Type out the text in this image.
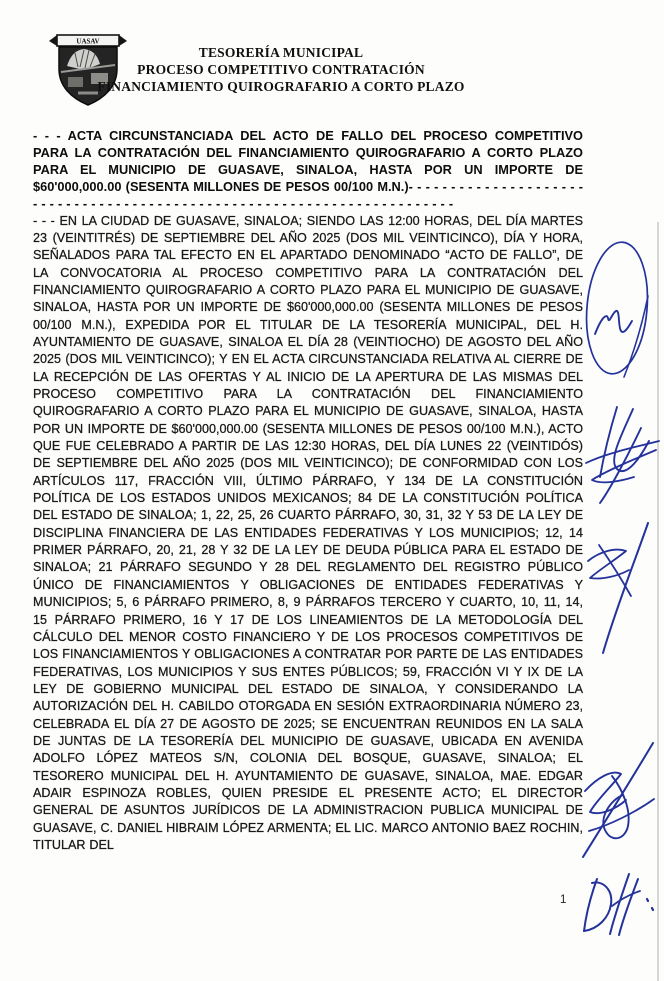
UASAV
TESORERÍA MUNICIPAL
PROCESO COMPETITIVO CONTRATACIÓN
FINANCIAMIENTO QUIROGRAFARIO A CORTO PLAZO

- - - ACTA CIRCUNSTANCIADA DEL ACTO DE FALLO DEL PROCESO COMPETITIVO PARA LA CONTRATACIÓN DEL FINANCIAMIENTO QUIROGRAFARIO A CORTO PLAZO PARA EL MUNICIPIO DE GUASAVE, SINALOA, HASTA POR UN IMPORTE DE $60'000,000.00 (SESENTA MILLONES DE PESOS 00/100 M.N.)- - - - - - - - - - - - - - - - - - - - - - - - - - - - - - - - - - - - - - - - - - - - - - - - - - - - - - - - - - - - - - - - - - - - - - - -

- - - EN LA CIUDAD DE GUASAVE, SINALOA; SIENDO LAS 12:00 HORAS, DEL DÍA MARTES 23 (VEINTITRÉS) DE SEPTIEMBRE DEL AÑO 2025 (DOS MIL VEINTICINCO), DÍA Y HORA, SEÑALADOS PARA TAL EFECTO EN EL APARTADO DENOMINADO “ACTO DE FALLO”, DE LA CONVOCATORIA AL PROCESO COMPETITIVO PARA LA CONTRATACIÓN DEL FINANCIAMIENTO QUIROGRAFARIO A CORTO PLAZO PARA EL MUNICIPIO DE GUASAVE, SINALOA, HASTA POR UN IMPORTE DE $60'000,000.00 (SESENTA MILLONES DE PESOS 00/100 M.N.), EXPEDIDA POR EL TITULAR DE LA TESORERÍA MUNICIPAL, DEL H. AYUNTAMIENTO DE GUASAVE, SINALOA EL DÍA 28 (VEINTIOCHO) DE AGOSTO DEL AÑO 2025 (DOS MIL VEINTICINCO); Y EN EL ACTA CIRCUNSTANCIADA RELATIVA AL CIERRE DE LA RECEPCIÓN DE LAS OFERTAS Y AL INICIO DE LA APERTURA DE LAS MISMAS DEL PROCESO COMPETITIVO PARA LA CONTRATACIÓN DEL FINANCIAMIENTO QUIROGRAFARIO A CORTO PLAZO PARA EL MUNICIPIO DE GUASAVE, SINALOA, HASTA POR UN IMPORTE DE $60'000,000.00 (SESENTA MILLONES DE PESOS 00/100 M.N.), ACTO QUE FUE CELEBRADO A PARTIR DE LAS 12:30 HORAS, DEL DÍA LUNES 22 (VEINTIDÓS) DE SEPTIEMBRE DEL AÑO 2025 (DOS MIL VEINTICINCO); DE CONFORMIDAD CON LOS ARTÍCULOS 117, FRACCIÓN VIII, ÚLTIMO PÁRRAFO, Y 134 DE LA CONSTITUCIÓN POLÍTICA DE LOS ESTADOS UNIDOS MEXICANOS; 84 DE LA CONSTITUCIÓN POLÍTICA DEL ESTADO DE SINALOA; 1, 22, 25, 26 CUARTO PÁRRAFO, 30, 31, 32 Y 53 DE LA LEY DE DISCIPLINA FINANCIERA DE LAS ENTIDADES FEDERATIVAS Y LOS MUNICIPIOS; 12, 14 PRIMER PÁRRAFO, 20, 21, 28 Y 32 DE LA LEY DE DEUDA PÚBLICA PARA EL ESTADO DE SINALOA; 21 PÁRRAFO SEGUNDO Y 28 DEL REGLAMENTO DEL REGISTRO PÚBLICO ÚNICO DE FINANCIAMIENTOS Y OBLIGACIONES DE ENTIDADES FEDERATIVAS Y MUNICIPIOS; 5, 6 PÁRRAFO PRIMERO, 8, 9 PÁRRAFOS TERCERO Y CUARTO, 10, 11, 14, 15 PÁRRAFO PRIMERO, 16 Y 17 DE LOS LINEAMIENTOS DE LA METODOLOGÍA DEL CÁLCULO DEL MENOR COSTO FINANCIERO Y DE LOS PROCESOS COMPETITIVOS DE LOS FINANCIAMIENTOS Y OBLIGACIONES A CONTRATAR POR PARTE DE LAS ENTIDADES FEDERATIVAS, LOS MUNICIPIOS Y SUS ENTES PÚBLICOS; 59, FRACCIÓN VI Y IX DE LA LEY DE GOBIERNO MUNICIPAL DEL ESTADO DE SINALOA, Y CONSIDERANDO LA AUTORIZACIÓN DEL H. CABILDO OTORGADA EN SESIÓN EXTRAORDINARIA NÚMERO 23, CELEBRADA EL DÍA 27 DE AGOSTO DE 2025; SE ENCUENTRAN REUNIDOS EN LA SALA DE JUNTAS DE LA TESORERÍA DEL MUNICIPIO DE GUASAVE, UBICADA EN AVENIDA ADOLFO LÓPEZ MATEOS S/N, COLONIA DEL BOSQUE, GUASAVE, SINALOA; EL TESORERO MUNICIPAL DEL H. AYUNTAMIENTO DE GUASAVE, SINALOA, MAE. EDGAR ADAIR ESPINOZA ROBLES, QUIEN PRESIDE EL PRESENTE ACTO; EL DIRECTOR GENERAL DE ASUNTOS JURÍDICOS DE LA ADMINISTRACION PUBLICA MUNICIPAL DE GUASAVE, C. DANIEL HIBRAIM LÓPEZ ARMENTA; EL LIC. MARCO ANTONIO BAEZ ROCHIN, TITULAR DEL

1
